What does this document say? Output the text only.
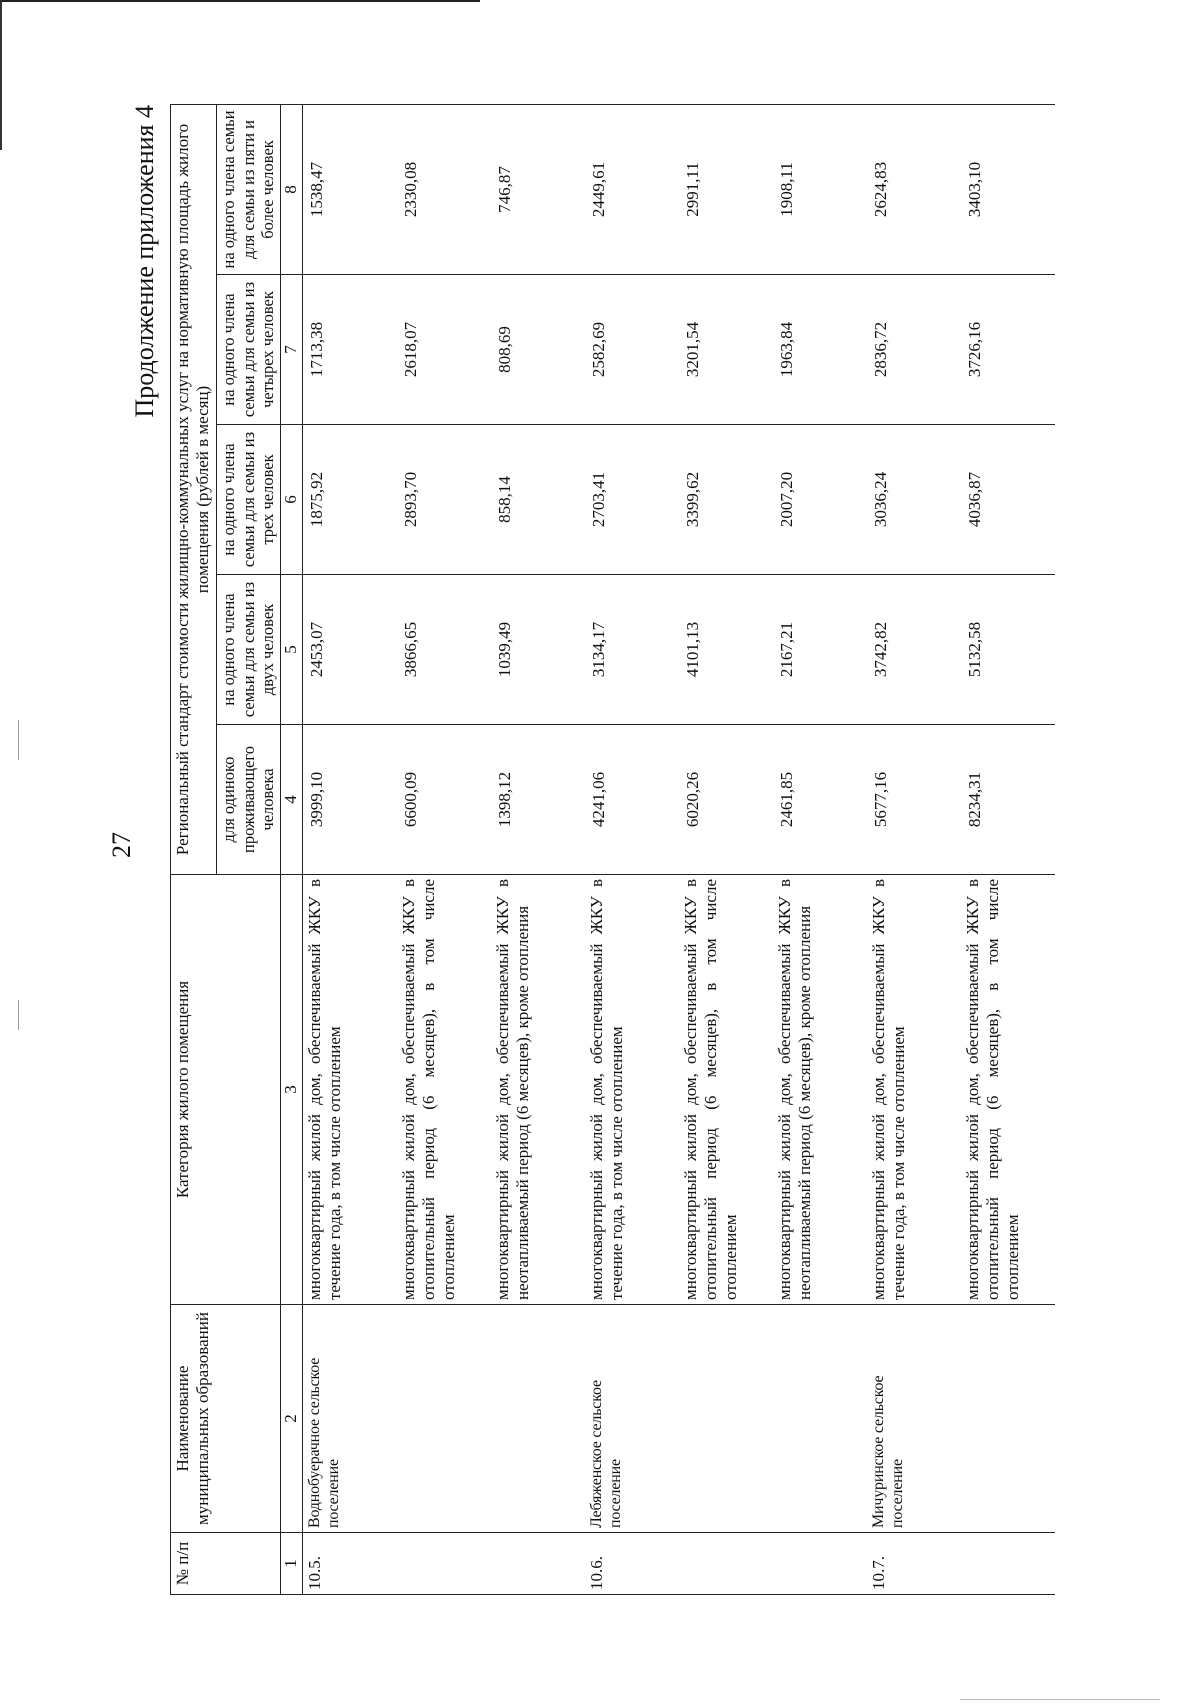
27
Продолжение приложения 4
№ п/п	Наименование муниципальных образований	Категория жилого помещения	Региональный стандарт стоимости жилищно-коммунальных услуг на нормативную площадь жилого помещения (рублей в месяц)				
			для одиноко проживающего человека	на одного члена семьи для семьи из двух человек	на одного члена семьи для семьи из трех человек	на одного члена семьи для семьи из четырех человек	на одного члена семьи для семьи из пяти и более человек
1	2	3	4	5	6	7	8
10.5.	Воднобуерачное сельское поселение	многоквартирный жилой дом, обеспечиваемый ЖКУ в течение года, в том числе отоплением	3999,10	2453,07	1875,92	1713,38	1538,47
		многоквартирный жилой дом, обеспечиваемый ЖКУ в отопительный период (6 месяцев), в том числе отоплением	6600,09	3866,65	2893,70	2618,07	2330,08
		многоквартирный жилой дом, обеспечиваемый ЖКУ в неотапливаемый период (6 месяцев), кроме отопления	1398,12	1039,49	858,14	808,69	746,87
10.6.	Лебяженское сельское поселение	многоквартирный жилой дом, обеспечиваемый ЖКУ в течение года, в том числе отоплением	4241,06	3134,17	2703,41	2582,69	2449,61
		многоквартирный жилой дом, обеспечиваемый ЖКУ в отопительный период (6 месяцев), в том числе отоплением	6020,26	4101,13	3399,62	3201,54	2991,11
		многоквартирный жилой дом, обеспечиваемый ЖКУ в неотапливаемый период (6 месяцев), кроме отопления	2461,85	2167,21	2007,20	1963,84	1908,11
10.7.	Мичуринское сельское поселение	многоквартирный жилой дом, обеспечиваемый ЖКУ в течение года, в том числе отоплением	5677,16	3742,82	3036,24	2836,72	2624,83
		многоквартирный жилой дом, обеспечиваемый ЖКУ в отопительный период (6 месяцев), в том числе отоплением	8234,31	5132,58	4036,87	3726,16	3403,10
